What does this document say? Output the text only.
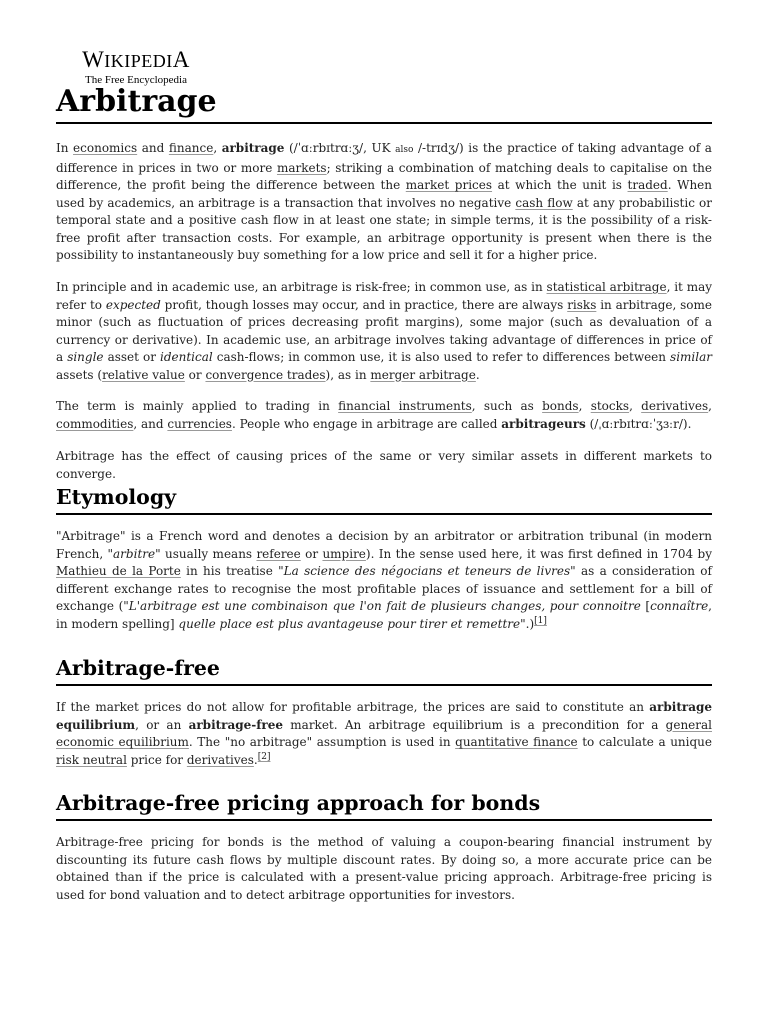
WIKIPEDIA
The Free Encyclopedia
Arbitrage

In economics and finance, arbitrage (/ˈɑːrbɪtrɑːʒ/, UK also /-trɪdʒ/) is the practice of taking advantage of a difference in prices in two or more markets; striking a combination of matching deals to capitalise on the difference, the profit being the difference between the market prices at which the unit is traded. When used by academics, an arbitrage is a transaction that involves no negative cash flow at any probabilistic or temporal state and a positive cash flow in at least one state; in simple terms, it is the possibility of a risk-free profit after transaction costs. For example, an arbitrage opportunity is present when there is the possibility to instantaneously buy something for a low price and sell it for a higher price.

In principle and in academic use, an arbitrage is risk-free; in common use, as in statistical arbitrage, it may refer to expected profit, though losses may occur, and in practice, there are always risks in arbitrage, some minor (such as fluctuation of prices decreasing profit margins), some major (such as devaluation of a currency or derivative). In academic use, an arbitrage involves taking advantage of differences in price of a single asset or identical cash-flows; in common use, it is also used to refer to differences between similar assets (relative value or convergence trades), as in merger arbitrage.

The term is mainly applied to trading in financial instruments, such as bonds, stocks, derivatives, commodities, and currencies. People who engage in arbitrage are called arbitrageurs (/ˌɑːrbɪtrɑːˈʒɜːr/).

Arbitrage has the effect of causing prices of the same or very similar assets in different markets to converge.

Etymology

"Arbitrage" is a French word and denotes a decision by an arbitrator or arbitration tribunal (in modern French, "arbitre" usually means referee or umpire). In the sense used here, it was first defined in 1704 by Mathieu de la Porte in his treatise "La science des négocians et teneurs de livres" as a consideration of different exchange rates to recognise the most profitable places of issuance and settlement for a bill of exchange ("L'arbitrage est une combinaison que l'on fait de plusieurs changes, pour connoitre [connaître, in modern spelling] quelle place est plus avantageuse pour tirer et remettre".)[1]

Arbitrage-free

If the market prices do not allow for profitable arbitrage, the prices are said to constitute an arbitrage equilibrium, or an arbitrage-free market. An arbitrage equilibrium is a precondition for a general economic equilibrium. The "no arbitrage" assumption is used in quantitative finance to calculate a unique risk neutral price for derivatives.[2]

Arbitrage-free pricing approach for bonds

Arbitrage-free pricing for bonds is the method of valuing a coupon-bearing financial instrument by discounting its future cash flows by multiple discount rates. By doing so, a more accurate price can be obtained than if the price is calculated with a present-value pricing approach. Arbitrage-free pricing is used for bond valuation and to detect arbitrage opportunities for investors.
